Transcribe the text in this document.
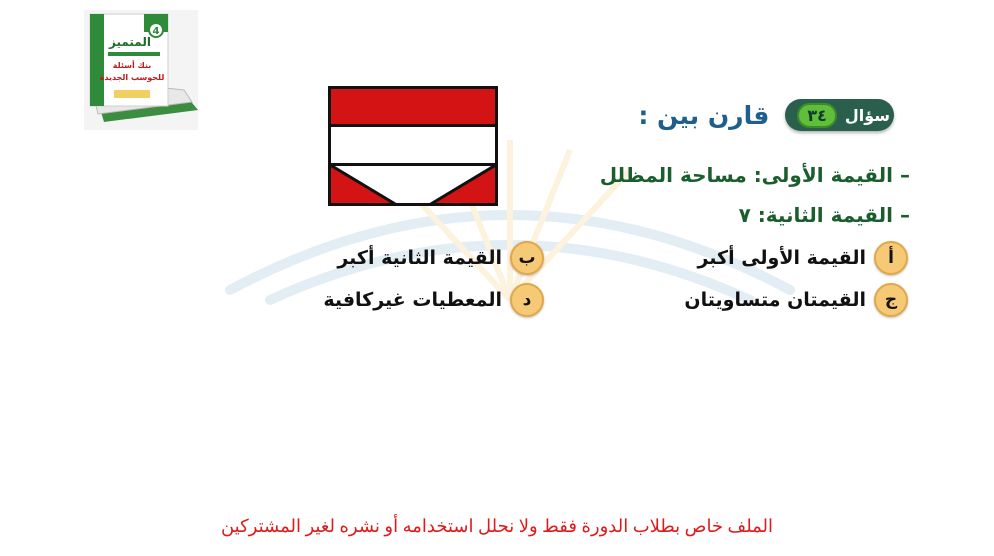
4
المتميز
بنك أسئلة
للحوسب الجديدة
سؤال
٣٤
قارن بين :
– القيمة الأولى: مساحة المظلل
– القيمة الثانية: ٧
أ
القيمة الأولى أكبر
ب
القيمة الثانية أكبر
ج
القيمتان متساويتان
د
المعطيات غيركافية
الملف خاص بطلاب الدورة فقط ولا نحلل استخدامه أو نشره لغير المشتركين
